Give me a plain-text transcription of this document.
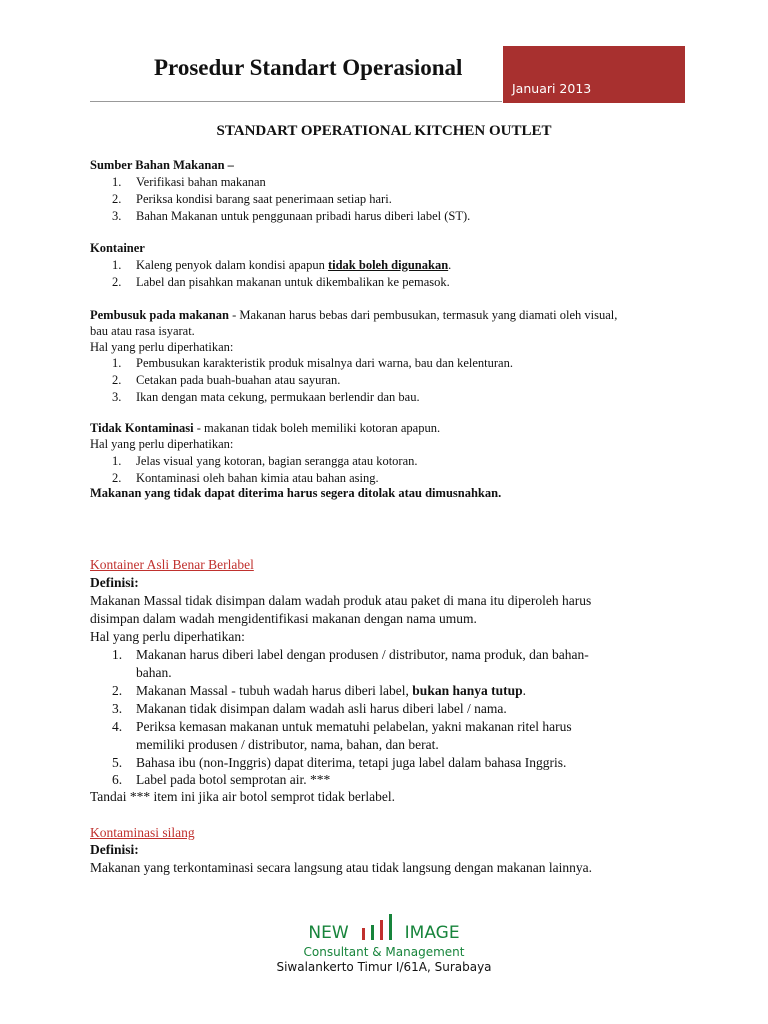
Prosedur Standart Operasional
Januari 2013
STANDART OPERATIONAL KITCHEN OUTLET
Sumber Bahan Makanan –
1. Verifikasi bahan makanan
2. Periksa kondisi barang saat penerimaan setiap hari.
3. Bahan Makanan untuk penggunaan pribadi harus diberi label (ST).
Kontainer
1. Kaleng penyok dalam kondisi apapun tidak boleh digunakan.
2. Label dan pisahkan makanan untuk dikembalikan ke pemasok.
Pembusuk pada makanan - Makanan harus bebas dari pembusukan, termasuk yang diamati oleh visual,
bau atau rasa isyarat.
Hal yang perlu diperhatikan:
1. Pembusukan karakteristik produk misalnya dari warna, bau dan kelenturan.
2. Cetakan pada buah-buahan atau sayuran.
3. Ikan dengan mata cekung, permukaan berlendir dan bau.
Tidak Kontaminasi - makanan tidak boleh memiliki kotoran apapun.
Hal yang perlu diperhatikan:
1. Jelas visual yang kotoran, bagian serangga atau kotoran.
2. Kontaminasi oleh bahan kimia atau bahan asing.
Makanan yang tidak dapat diterima harus segera ditolak atau dimusnahkan.
Kontainer Asli Benar Berlabel
Definisi:
Makanan Massal tidak disimpan dalam wadah produk atau paket di mana itu diperoleh harus
disimpan dalam wadah mengidentifikasi makanan dengan nama umum.
Hal yang perlu diperhatikan:
1. Makanan harus diberi label dengan produsen / distributor, nama produk, dan bahan-
bahan.
2. Makanan Massal - tubuh wadah harus diberi label, bukan hanya tutup.
3. Makanan tidak disimpan dalam wadah asli harus diberi label / nama.
4. Periksa kemasan makanan untuk mematuhi pelabelan, yakni makanan ritel harus
memiliki produsen / distributor, nama, bahan, dan berat.
5. Bahasa ibu (non-Inggris) dapat diterima, tetapi juga label dalam bahasa Inggris.
6. Label pada botol semprotan air. ***
Tandai *** item ini jika air botol semprot tidak berlabel.
Kontaminasi silang
Definisi:
Makanan yang terkontaminasi secara langsung atau tidak langsung dengan makanan lainnya.
NEW	IMAGE
Consultant & Management
Siwalankerto Timur I/61A, Surabaya
